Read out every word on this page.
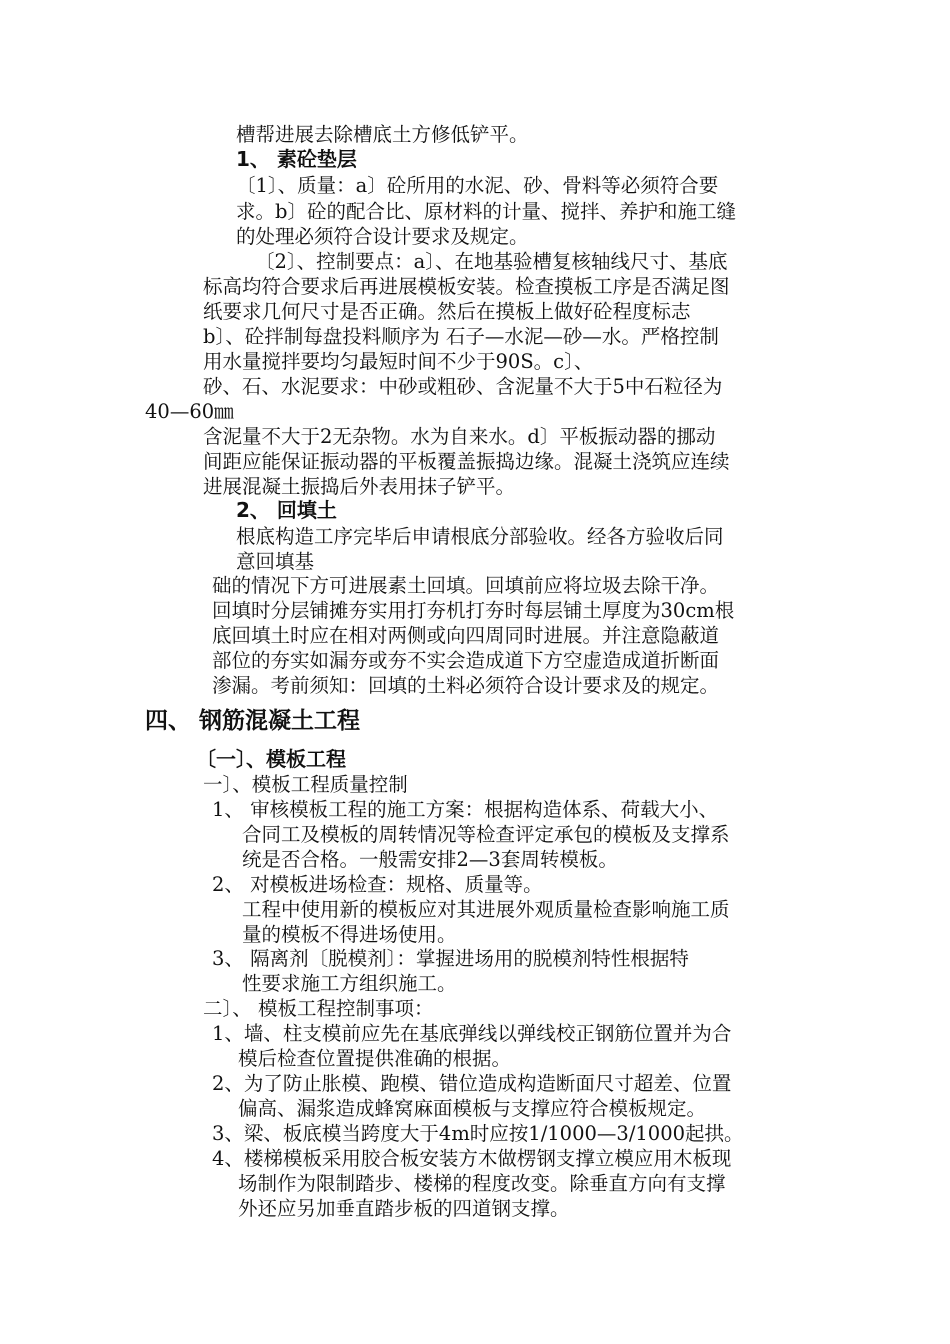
槽帮进展去除槽底土方修低铲平。
1、 素砼垫层
〔1〕、质量：a〕砼所用的水泥、砂、骨料等必须符合要
求。b〕砼的配合比、原材料的计量、搅拌、养护和施工缝
的处理必须符合设计要求及规定。
〔2〕、控制要点：a〕、在地基验槽复核轴线尺寸、基底
标高均符合要求后再进展模板安装。检查摸板工序是否满足图
纸要求几何尺寸是否正确。然后在摸板上做好砼程度标志
b〕、砼拌制每盘投料顺序为 石子—水泥—砂—水。严格控制
用水量搅拌要均匀最短时间不少于90S。c〕、
砂、石、水泥要求：中砂或粗砂、含泥量不大于5中石粒径为
40—60㎜
含泥量不大于2无杂物。水为自来水。d〕平板振动器的挪动
间距应能保证振动器的平板覆盖振捣边缘。混凝土浇筑应连续
进展混凝土振捣后外表用抹子铲平。
2、 回填土
根底构造工序完毕后申请根底分部验收。经各方验收后同
意回填基
础的情况下方可进展素土回填。回填前应将垃圾去除干净。
回填时分层铺摊夯实用打夯机打夯时每层铺土厚度为30cm根
底回填土时应在相对两侧或向四周同时进展。并注意隐蔽道
部位的夯实如漏夯或夯不实会造成道下方空虚造成道折断面
渗漏。考前须知：回填的土料必须符合设计要求及的规定。
四、 钢筋混凝土工程
〔一〕、模板工程
一〕、模板工程质量控制
1、 审核模板工程的施工方案：根据构造体系、荷载大小、
合同工及模板的周转情况等检查评定承包的模板及支撑系
统是否合格。一般需安排2—3套周转模板。
2、 对模板进场检查：规格、质量等。
工程中使用新的模板应对其进展外观质量检查影响施工质
量的模板不得进场使用。
3、 隔离剂〔脱模剂〕：掌握进场用的脱模剂特性根据特
性要求施工方组织施工。
二〕、 模板工程控制事项：
1、墙、柱支模前应先在基底弹线以弹线校正钢筋位置并为合
模后检查位置提供准确的根据。
2、为了防止胀模、跑模、错位造成构造断面尺寸超差、位置
偏高、漏浆造成蜂窝麻面模板与支撑应符合模板规定。
3、梁、板底模当跨度大于4m时应按1/1000—3/1000起拱。
4、楼梯模板采用胶合板安装方木做楞钢支撑立模应用木板现
场制作为限制踏步、楼梯的程度改变。除垂直方向有支撑
外还应另加垂直踏步板的四道钢支撑。
